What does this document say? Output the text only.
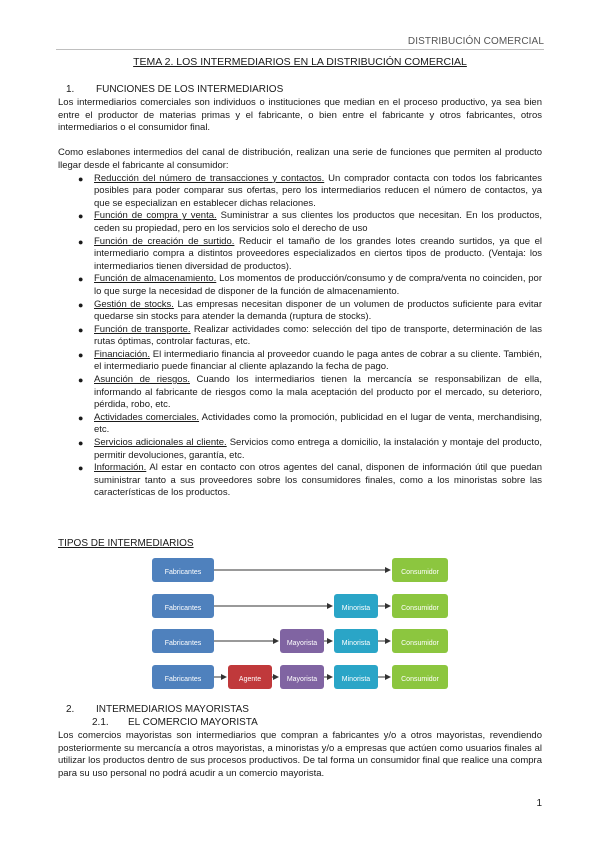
DISTRIBUCIÓN COMERCIAL
TEMA 2. LOS INTERMEDIARIOS EN LA DISTRIBUCIÓN COMERCIAL
1. FUNCIONES DE LOS INTERMEDIARIOS

Los intermediarios comerciales son individuos o instituciones que median en el proceso productivo, ya sea bien entre el productor de materias primas y el fabricante, o bien entre el fabricante y otros fabricantes, otros intermediarios o el consumidor final.

Como eslabones intermedios del canal de distribución, realizan una serie de funciones que permiten al producto llegar desde el fabricante al consumidor:

● Reducción del número de transacciones y contactos. Un comprador contacta con todos los fabricantes posibles para poder comparar sus ofertas, pero los intermediarios reducen el número de contactos, ya que se especializan en establecer dichas relaciones.
● Función de compra y venta. Suministrar a sus clientes los productos que necesitan. En los productos, ceden su propiedad, pero en los servicios solo el derecho de uso
● Función de creación de surtido. Reducir el tamaño de los grandes lotes creando surtidos, ya que el intermediario compra a distintos proveedores especializados en ciertos tipos de producto. (Ventaja: los intermediarios tienen diversidad de productos).
● Función de almacenamiento. Los momentos de producción/consumo y de compra/venta no coinciden, por lo que surge la necesidad de disponer de la función de almacenamiento.
● Gestión de stocks. Las empresas necesitan disponer de un volumen de productos suficiente para evitar quedarse sin stocks para atender la demanda (ruptura de stocks).
● Función de transporte. Realizar actividades como: selección del tipo de transporte, determinación de las rutas óptimas, controlar facturas, etc.
● Financiación. El intermediario financia al proveedor cuando le paga antes de cobrar a su cliente. También, el intermediario puede financiar al cliente aplazando la fecha de pago.
● Asunción de riesgos. Cuando los intermediarios tienen la mercancía se responsabilizan de ella, informando al fabricante de riesgos como la mala aceptación del producto por el mercado, su deterioro, pérdida, robo, etc.
● Actividades comerciales. Actividades como la promoción, publicidad en el lugar de venta, merchandising, etc.
● Servicios adicionales al cliente. Servicios como entrega a domicilio, la instalación y montaje del producto, permitir devoluciones, garantía, etc.
● Información. Al estar en contacto con otros agentes del canal, disponen de información útil que puedan suministrar tanto a sus proveedores sobre los consumidores finales, como a los minoristas sobre las características de los productos.
TIPOS DE INTERMEDIARIOS
Fabricantes	Consumidor
Fabricantes	Minorista	Consumidor
Fabricantes	Mayorista	Minorista	Consumidor
Fabricantes	Agente	Mayorista	Minorista	Consumidor
2. INTERMEDIARIOS MAYORISTAS
2.1. EL COMERCIO MAYORISTA

Los comercios mayoristas son intermediarios que compran a fabricantes y/o a otros mayoristas, revendiendo posteriormente su mercancía a otros mayoristas, a minoristas y/o a empresas que actúen como usuarios finales al utilizar los productos dentro de sus procesos productivos. De tal forma un consumidor final que realice una compra para su uso personal no podrá acudir a un comercio mayorista.

1
